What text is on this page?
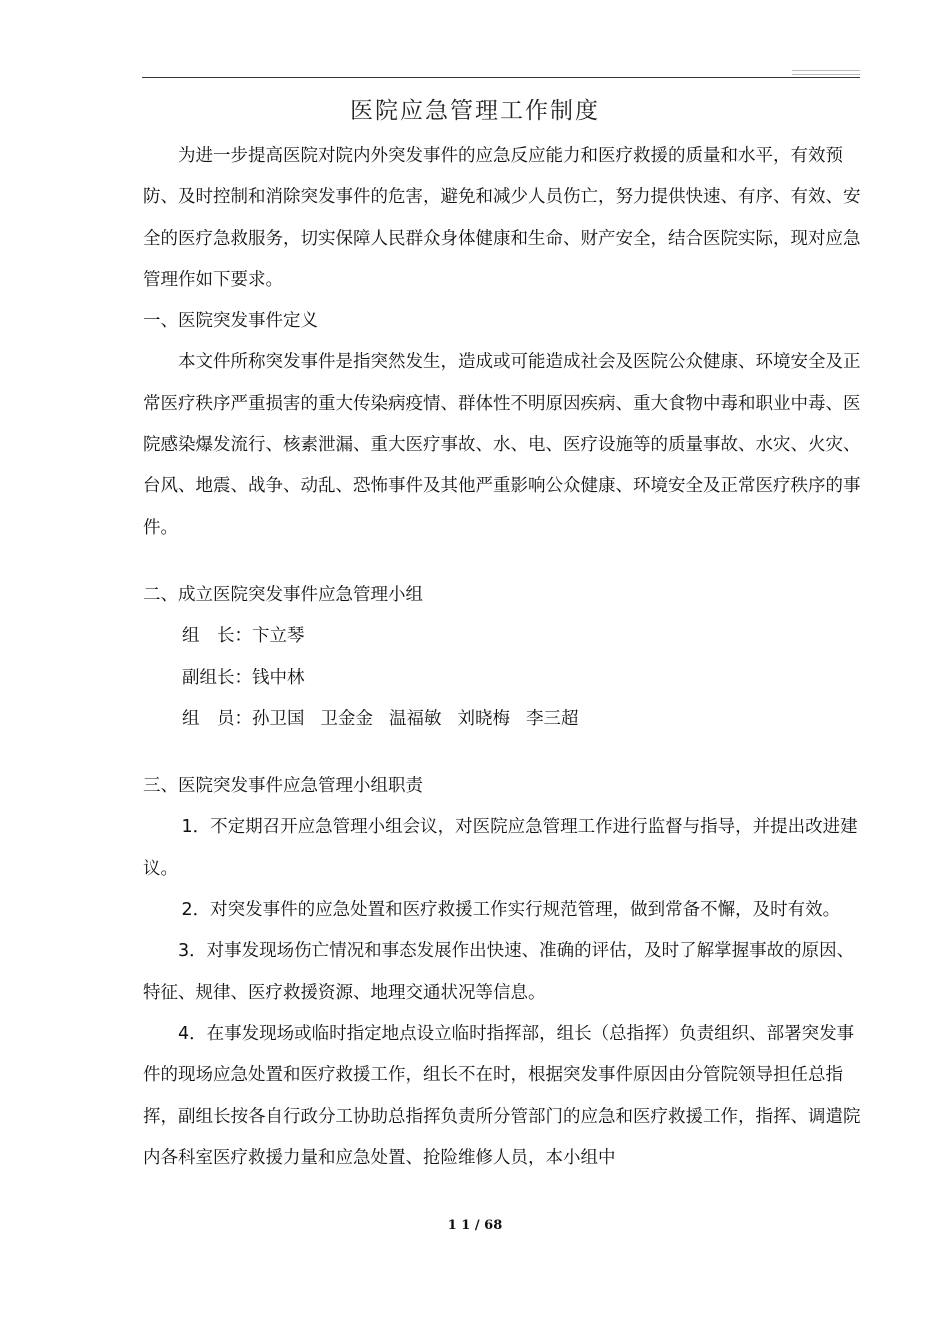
医院应急管理工作制度

为进一步提高医院对院内外突发事件的应急反应能力和医疗救援的质量和水平，有效预防、及时控制和消除突发事件的危害，避免和减少人员伤亡，努力提供快速、有序、有效、安全的医疗急救服务，切实保障人民群众身体健康和生命、财产安全，结合医院实际，现对应急管理作如下要求。

一、医院突发事件定义

本文件所称突发事件是指突然发生，造成或可能造成社会及医院公众健康、环境安全及正常医疗秩序严重损害的重大传染病疫情、群体性不明原因疾病、重大食物中毒和职业中毒、医院感染爆发流行、核素泄漏、重大医疗事故、水、电、医疗设施等的质量事故、水灾、火灾、台风、地震、战争、动乱、恐怖事件及其他严重影响公众健康、环境安全及正常医疗秩序的事件。

二、成立医院突发事件应急管理小组

组　长：卞立琴

副组长：钱中林

组　员：孙卫国 卫金金 温福敏 刘晓梅 李三超

三、医院突发事件应急管理小组职责

1．不定期召开应急管理小组会议，对医院应急管理工作进行监督与指导，并提出改进建议。

2．对突发事件的应急处置和医疗救援工作实行规范管理，做到常备不懈，及时有效。

3．对事发现场伤亡情况和事态发展作出快速、准确的评估，及时了解掌握事故的原因、特征、规律、医疗救援资源、地理交通状况等信息。

4．在事发现场或临时指定地点设立临时指挥部，组长（总指挥）负责组织、部署突发事件的现场应急处置和医疗救援工作，组长不在时，根据突发事件原因由分管院领导担任总指挥，副组长按各自行政分工协助总指挥负责所分管部门的应急和医疗救援工作，指挥、调遣院内各科室医疗救援力量和应急处置、抢险维修人员，本小组中

1 1 / 68
